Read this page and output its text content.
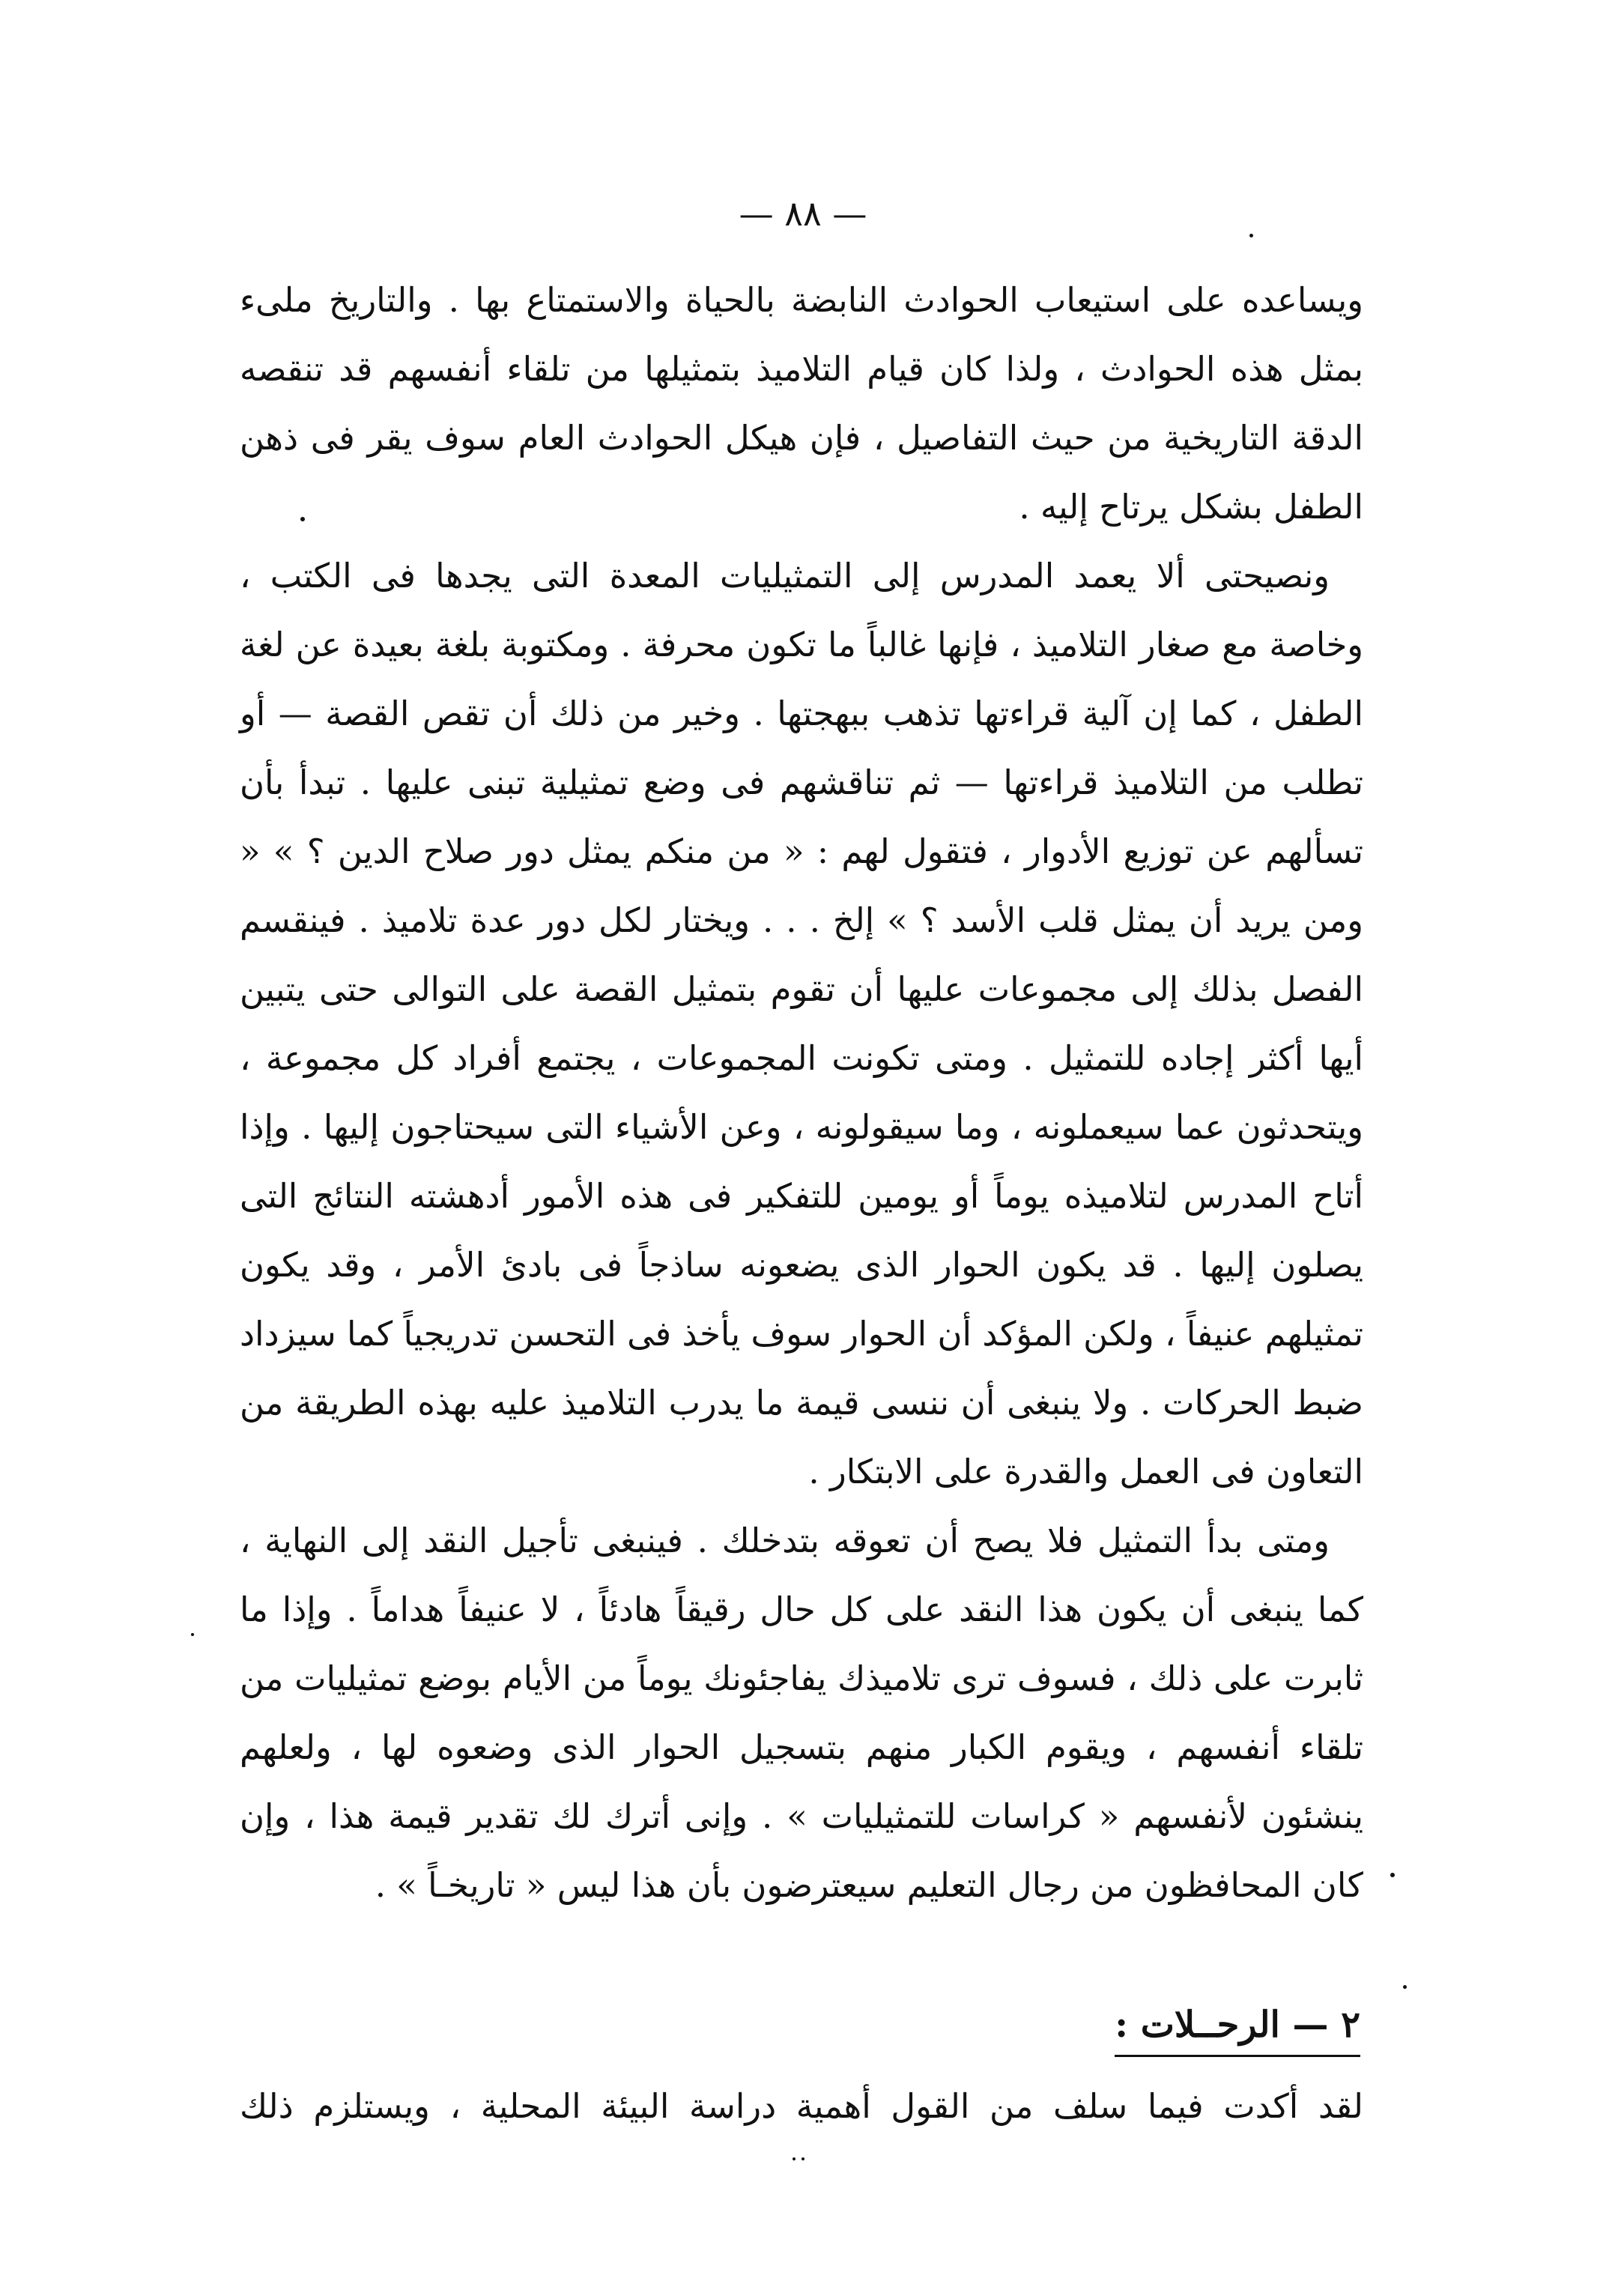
— ٨٨ —

ويساعده على استيعاب الحوادث النابضة بالحياة والاستمتاع بها . والتاريخ ملىء بمثل هذه الحوادث ، ولذا كان قيام التلاميذ بتمثيلها من تلقاء أنفسهم قد تنقصه الدقة التاريخية من حيث التفاصيل ، فإن هيكل الحوادث العام سوف يقر فى ذهن الطفل بشكل يرتاح إليه .

ونصيحتى ألا يعمد المدرس إلى التمثيليات المعدة التى يجدها فى الكتب ، وخاصة مع صغار التلاميذ ، فإنها غالباً ما تكون محرفة . ومكتوبة بلغة بعيدة عن لغة الطفل ، كما إن آلية قراءتها تذهب ببهجتها . وخير من ذلك أن تقص القصة — أو تطلب من التلاميذ قراءتها — ثم تناقشهم فى وضع تمثيلية تبنى عليها . تبدأ بأن تسألهم عن توزيع الأدوار ، فتقول لهم : « من منكم يمثل دور صلاح الدين ؟ » « ومن يريد أن يمثل قلب الأسد ؟ » إلخ . . . ويختار لكل دور عدة تلاميذ . فينقسم الفصل بذلك إلى مجموعات عليها أن تقوم بتمثيل القصة على التوالى حتى يتبين أيها أكثر إجاده للتمثيل . ومتى تكونت المجموعات ، يجتمع أفراد كل مجموعة ، ويتحدثون عما سيعملونه ، وما سيقولونه ، وعن الأشياء التى سيحتاجون إليها . وإذا أتاح المدرس لتلاميذه يوماً أو يومين للتفكير فى هذه الأمور أدهشته النتائج التى يصلون إليها . قد يكون الحوار الذى يضعونه ساذجاً فى بادئ الأمر ، وقد يكون تمثيلهم عنيفاً ، ولكن المؤكد أن الحوار سوف يأخذ فى التحسن تدريجياً كما سيزداد ضبط الحركات . ولا ينبغى أن ننسى قيمة ما يدرب التلاميذ عليه بهذه الطريقة من التعاون فى العمل والقدرة على الابتكار .

ومتى بدأ التمثيل فلا يصح أن تعوقه بتدخلك . فينبغى تأجيل النقد إلى النهاية ، كما ينبغى أن يكون هذا النقد على كل حال رقيقاً هادئاً ، لا عنيفاً هداماً . وإذا ما ثابرت على ذلك ، فسوف ترى تلاميذك يفاجئونك يوماً من الأيام بوضع تمثيليات من تلقاء أنفسهم ، ويقوم الكبار منهم بتسجيل الحوار الذى وضعوه لها ، ولعلهم ينشئون لأنفسهم « كراسات للتمثيليات » . وإنى أترك لك تقدير قيمة هذا ، وإن كان المحافظون من رجال التعليم سيعترضون بأن هذا ليس « تاريخـاً » .

٢ — الرحــلات :
لقد أكدت فيما سلف من القول أهمية دراسة البيئة المحلية ، ويستلزم ذلك
